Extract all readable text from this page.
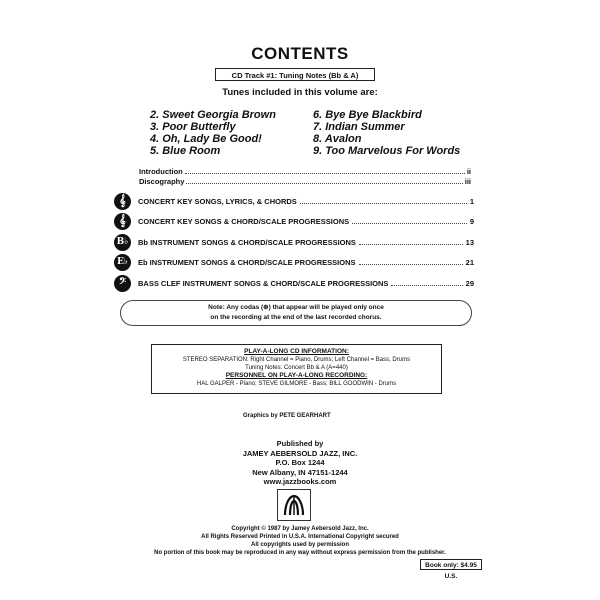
CONTENTS
CD Track #1: Tuning Notes (Bb & A)
Tunes included in this volume are:
2. Sweet Georgia Brown
3. Poor Butterfly
4. Oh, Lady Be Good!
5. Blue Room
6. Bye Bye Blackbird
7. Indian Summer
8. Avalon
9. Too Marvelous For Words
Introduction	ii
Discography	iii
𝄞	CONCERT KEY SONGS, LYRICS, & CHORDS	1
𝄞	CONCERT KEY SONGS & CHORD/SCALE PROGRESSIONS	9
B♭	Bb INSTRUMENT SONGS & CHORD/SCALE PROGRESSIONS	13
E♭	Eb INSTRUMENT SONGS & CHORD/SCALE PROGRESSIONS	21
𝄢	BASS CLEF INSTRUMENT SONGS & CHORD/SCALE PROGRESSIONS	29
Note: Any codas (⊕) that appear will be played only once
on the recording at the end of the last recorded chorus.
PLAY-A-LONG CD INFORMATION:
STEREO SEPARATION: Right Channel = Piano, Drums; Left Channel = Bass, Drums
Tuning Notes: Concert Bb & A (A=440)
PERSONNEL ON PLAY-A-LONG RECORDING:
HAL GALPER - Piano; STEVE GILMORE - Bass; BILL GOODWIN - Drums
Graphics by PETE GEARHART
Published by
JAMEY AEBERSOLD JAZZ, INC.
P.O. Box 1244
New Albany, IN 47151-1244
www.jazzbooks.com
Copyright © 1987 by Jamey Aebersold Jazz, Inc.
All Rights Reserved Printed in U.S.A. International Copyright secured
All copyrights used by permission
No portion of this book may be reproduced in any way without express permission from the publisher.
Book only: $4.95 U.S.
